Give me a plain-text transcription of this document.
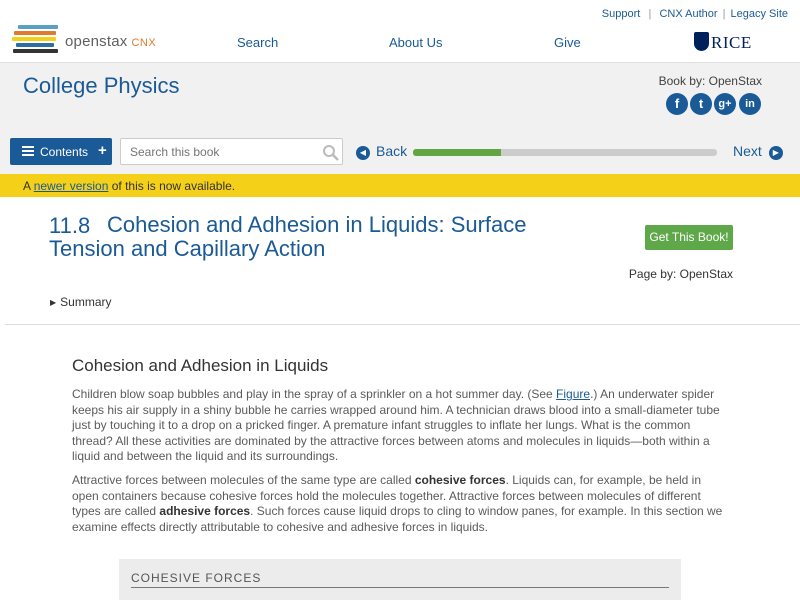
openstax CNX
Support  |  CNX Author | Legacy Site
Search	About Us	Give	RICE
College Physics	Book by: OpenStax
f	t	g+	in
Contents +
Search this book	◀ Back	Next ▶
A newer version of this is now available.
11.8 Cohesion and Adhesion in Liquids: Surface Tension and Capillary Action	Get This Book!
Page by: OpenStax
▶ Summary
Cohesion and Adhesion in Liquids
Children blow soap bubbles and play in the spray of a sprinkler on a hot summer day. (See Figure.) An underwater spider keeps his air supply in a shiny bubble he carries wrapped around him. A technician draws blood into a small-diameter tube just by touching it to a drop on a pricked finger. A premature infant struggles to inflate her lungs. What is the common thread? All these activities are dominated by the attractive forces between atoms and molecules in liquids—both within a liquid and between the liquid and its surroundings.
Attractive forces between molecules of the same type are called cohesive forces. Liquids can, for example, be held in open containers because cohesive forces hold the molecules together. Attractive forces between molecules of different types are called adhesive forces. Such forces cause liquid drops to cling to window panes, for example. In this section we examine effects directly attributable to cohesive and adhesive forces in liquids.
COHESIVE FORCES
